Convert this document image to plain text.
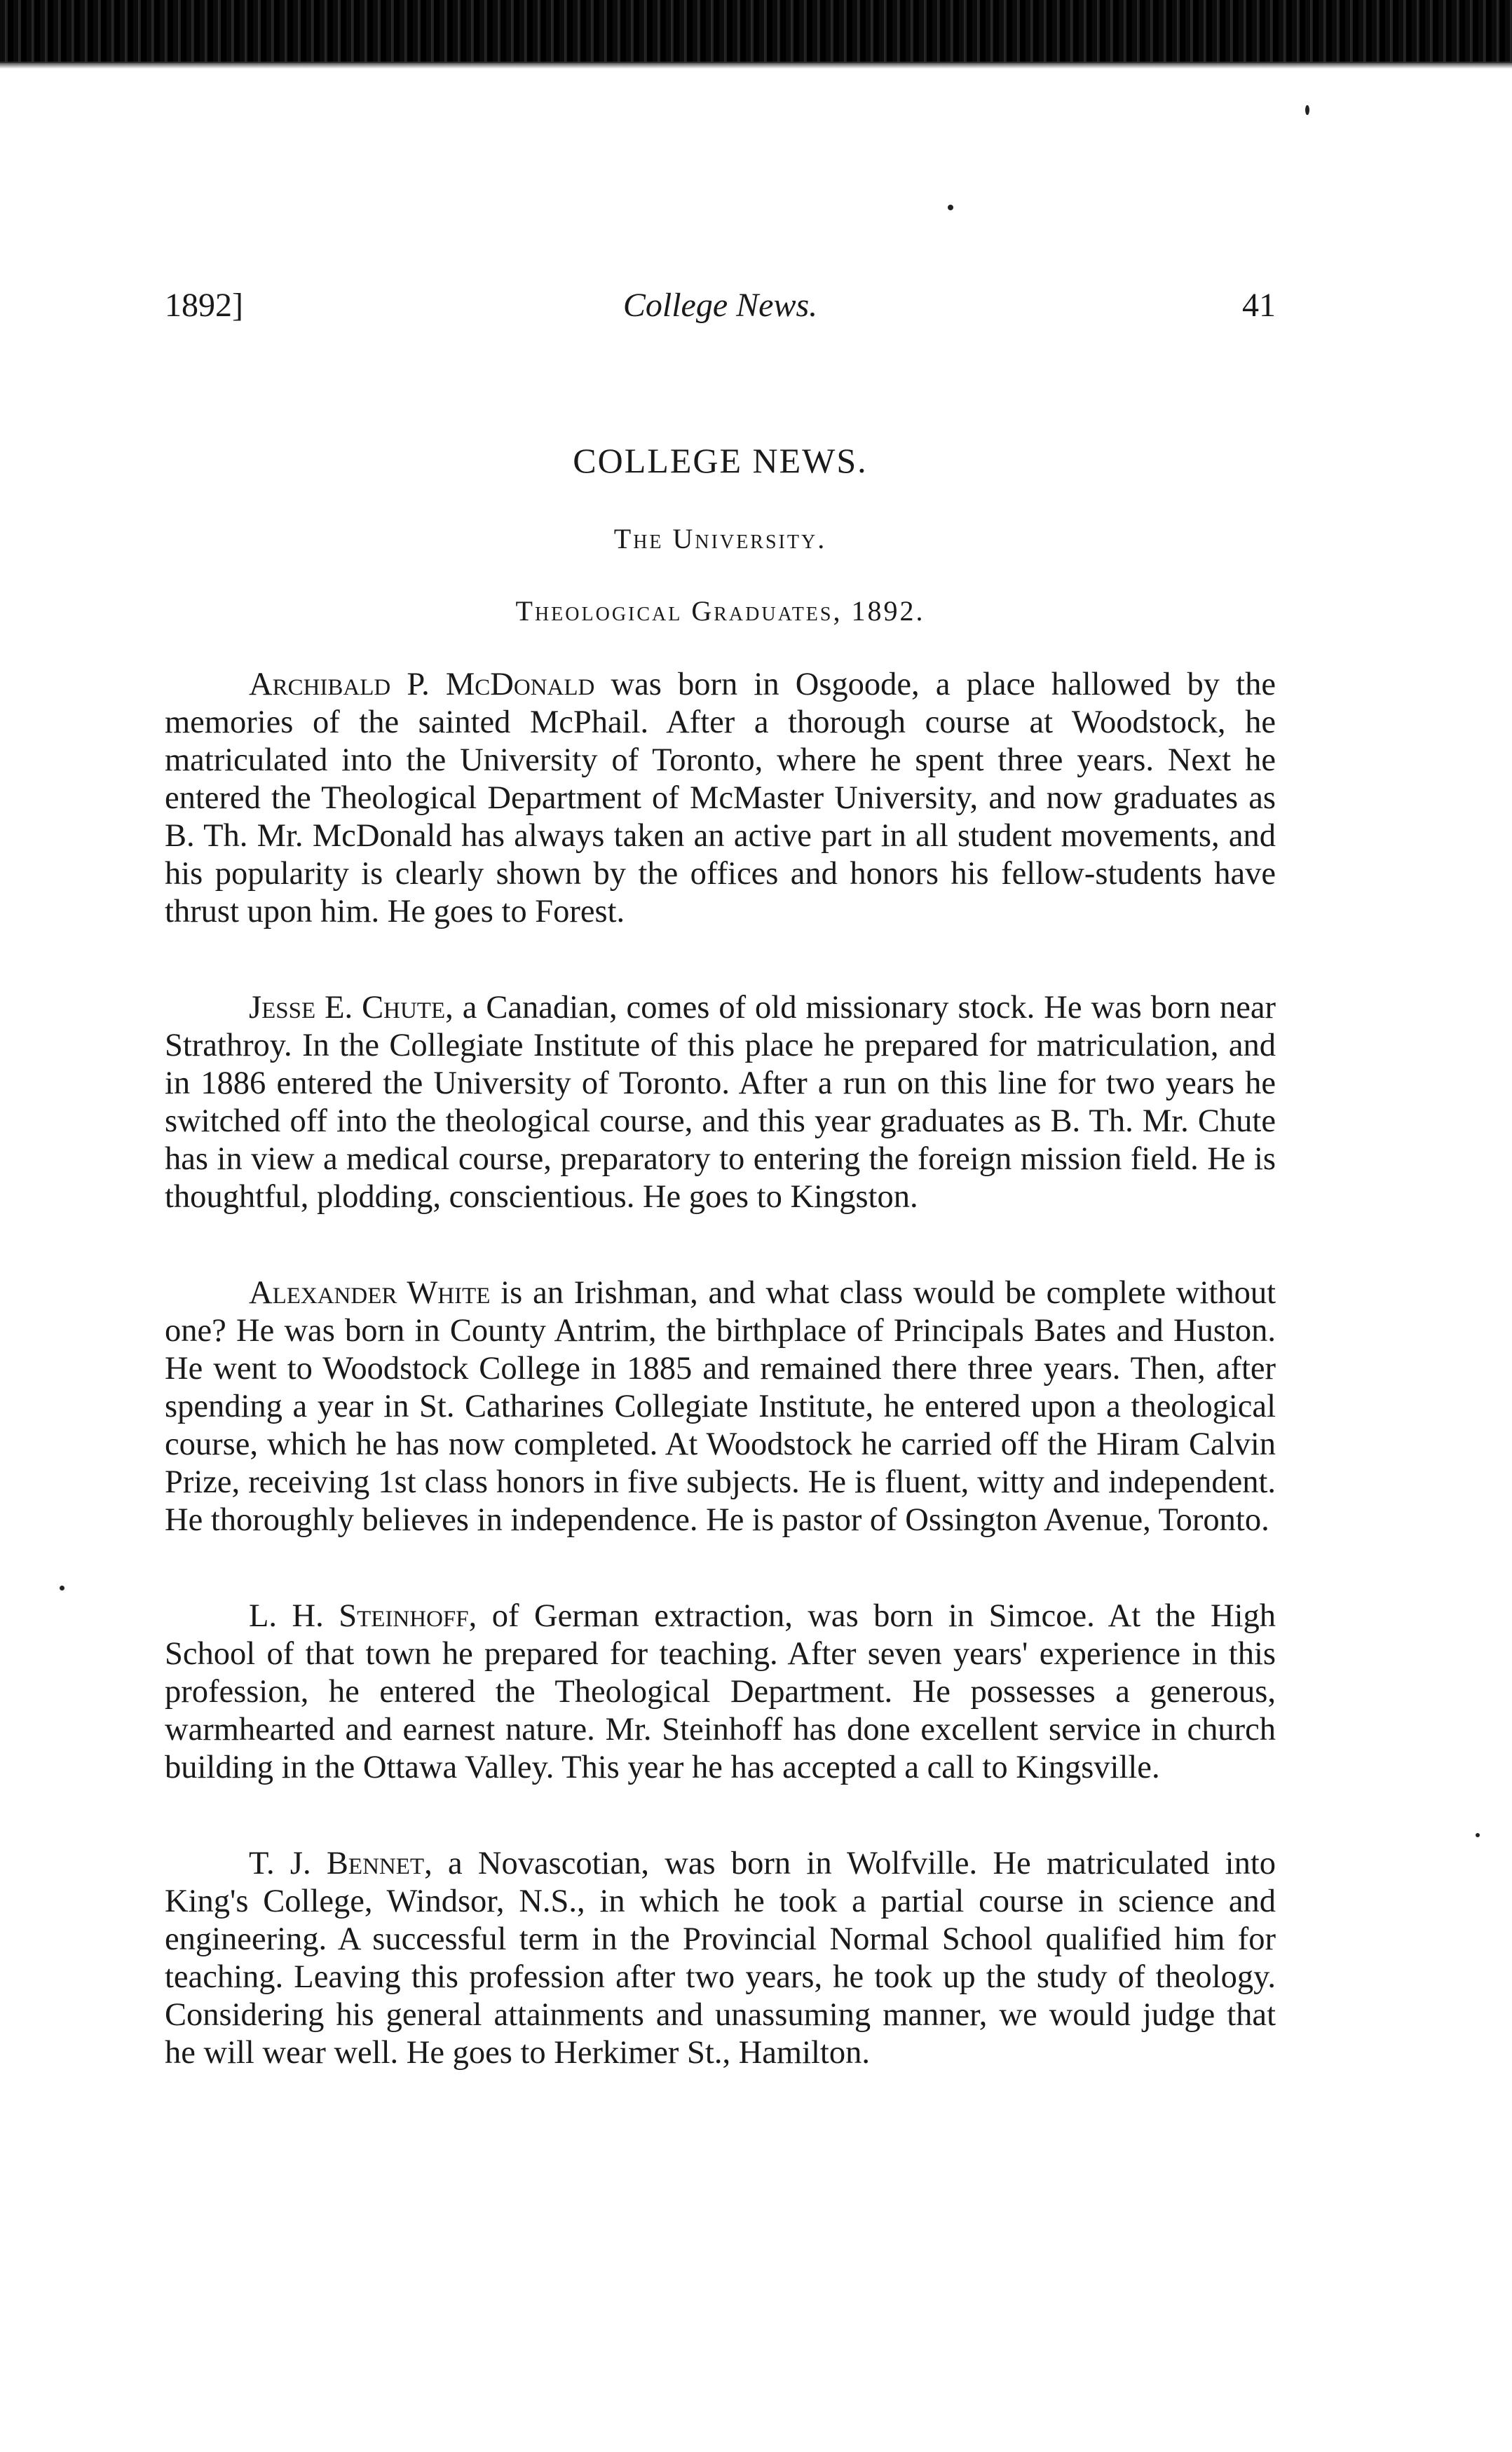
1892]	College News.	41
COLLEGE NEWS.
The University.
Theological Graduates, 1892.

Archibald P. McDonald was born in Osgoode, a place hallowed by the memories of the sainted McPhail. After a thorough course at Woodstock, he matriculated into the University of Toronto, where he spent three years. Next he entered the Theological Department of McMaster University, and now graduates as B. Th. Mr. McDonald has always taken an active part in all student movements, and his popularity is clearly shown by the offices and honors his fellow-students have thrust upon him. He goes to Forest.

Jesse E. Chute, a Canadian, comes of old missionary stock. He was born near Strathroy. In the Collegiate Institute of this place he prepared for matriculation, and in 1886 entered the University of Toronto. After a run on this line for two years he switched off into the theological course, and this year graduates as B. Th. Mr. Chute has in view a medical course, preparatory to entering the foreign mission field. He is thoughtful, plodding, conscientious. He goes to Kingston.

Alexander White is an Irishman, and what class would be complete without one? He was born in County Antrim, the birthplace of Principals Bates and Huston. He went to Woodstock College in 1885 and remained there three years. Then, after spending a year in St. Catharines Collegiate Institute, he entered upon a theological course, which he has now completed. At Woodstock he carried off the Hiram Calvin Prize, receiving 1st class honors in five subjects. He is fluent, witty and independent. He thoroughly believes in independence. He is pastor of Ossington Avenue, Toronto.

L. H. Steinhoff, of German extraction, was born in Simcoe. At the High School of that town he prepared for teaching. After seven years' experience in this profession, he entered the Theological Department. He possesses a generous, warmhearted and earnest nature. Mr. Steinhoff has done excellent service in church building in the Ottawa Valley. This year he has accepted a call to Kingsville.

T. J. Bennet, a Novascotian, was born in Wolfville. He matriculated into King's College, Windsor, N.S., in which he took a partial course in science and engineering. A successful term in the Provincial Normal School qualified him for teaching. Leaving this profession after two years, he took up the study of theology. Considering his general attainments and unassuming manner, we would judge that he will wear well. He goes to Herkimer St., Hamilton.
